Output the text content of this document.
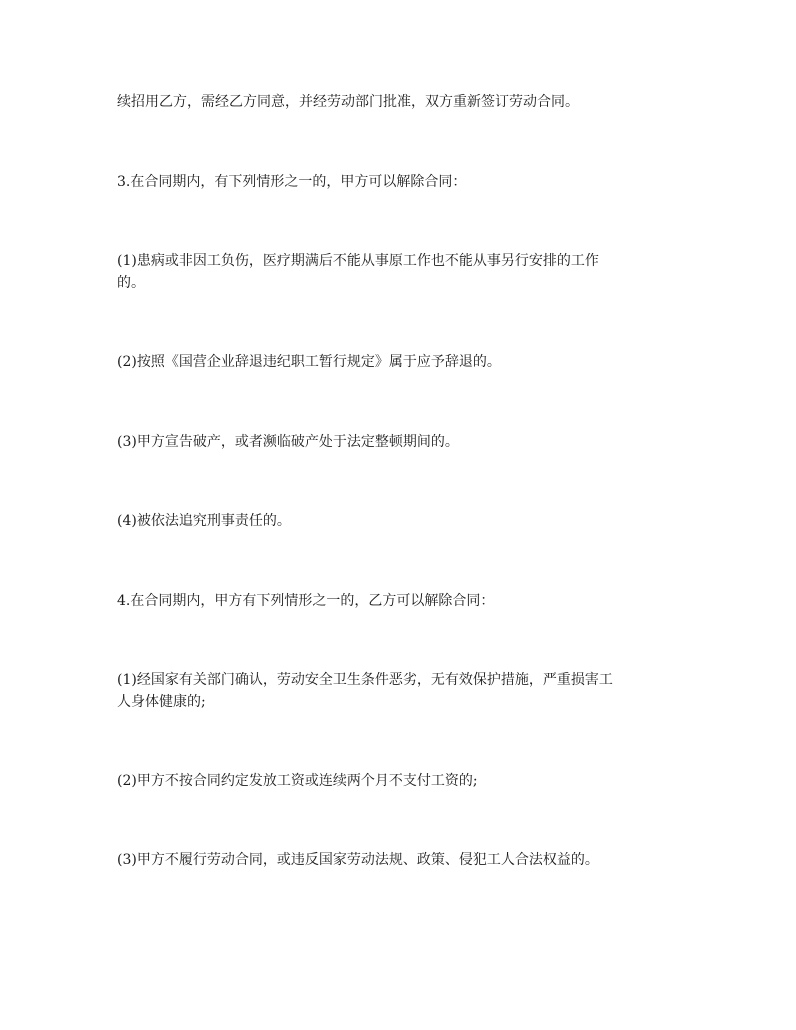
续招用乙方，需经乙方同意，并经劳动部门批准，双方重新签订劳动合同。

3.在合同期内，有下列情形之一的，甲方可以解除合同：

(1)患病或非因工负伤，医疗期满后不能从事原工作也不能从事另行安排的工作
的。

(2)按照《国营企业辞退违纪职工暂行规定》属于应予辞退的。

(3)甲方宣告破产，或者濒临破产处于法定整顿期间的。

(4)被依法追究刑事责任的。

4.在合同期内，甲方有下列情形之一的，乙方可以解除合同：

(1)经国家有关部门确认，劳动安全卫生条件恶劣，无有效保护措施，严重损害工
人身体健康的;

(2)甲方不按合同约定发放工资或连续两个月不支付工资的;

(3)甲方不履行劳动合同，或违反国家劳动法规、政策、侵犯工人合法权益的。
